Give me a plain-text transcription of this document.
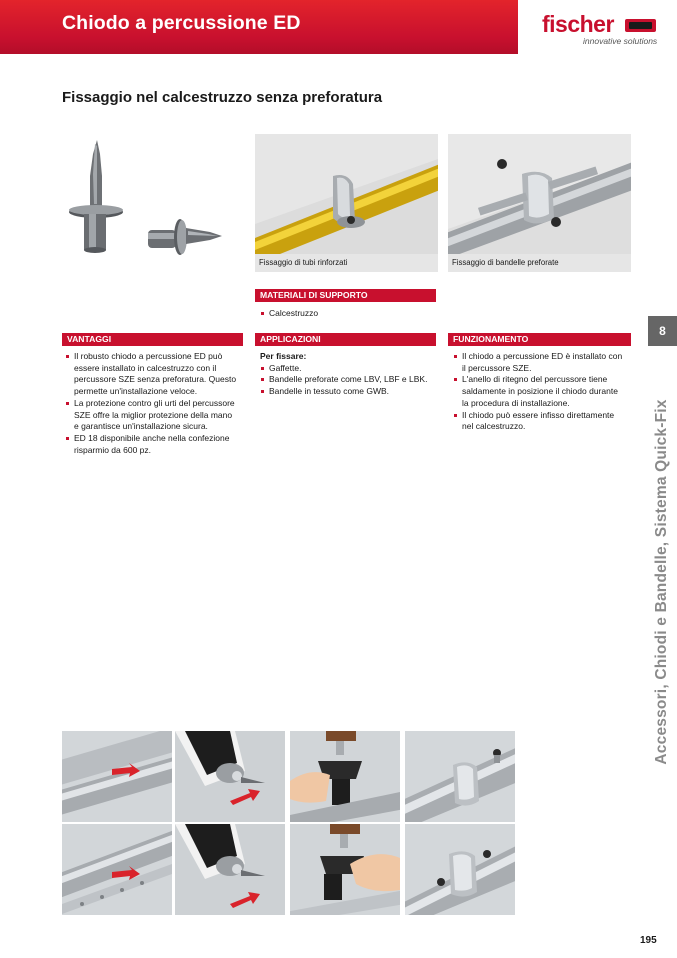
Chiodo a percussione ED	fischer
innovative solutions
Fissaggio nel calcestruzzo senza preforatura
Fissaggio di tubi rinforzati	Fissaggio di bandelle preforate
MATERIALI DI SUPPORTO
Calcestruzzo
VANTAGGI
Il robusto chiodo a percussione ED può essere installato in calcestruzzo con il percussore SZE senza preforatura. Questo permette un'installazione veloce.
La protezione contro gli urti del percussore SZE offre la miglior protezione della mano e garantisce un'installazione sicura.
ED 18 disponibile anche nella confezione risparmio da 600 pz.
APPLICAZIONI
Per fissare:
Gaffette.
Bandelle preforate come LBV, LBF e LBK.
Bandelle in tessuto come GWB.
FUNZIONAMENTO
Il chiodo a percussione ED è installato con il percussore SZE.
L'anello di ritegno del percussore tiene saldamente in posizione il chiodo durante la procedura di installazione.
Il chiodo può essere infisso direttamente nel calcestruzzo.
8
Accessori, Chiodi e Bandelle, Sistema Quick-Fix
195
